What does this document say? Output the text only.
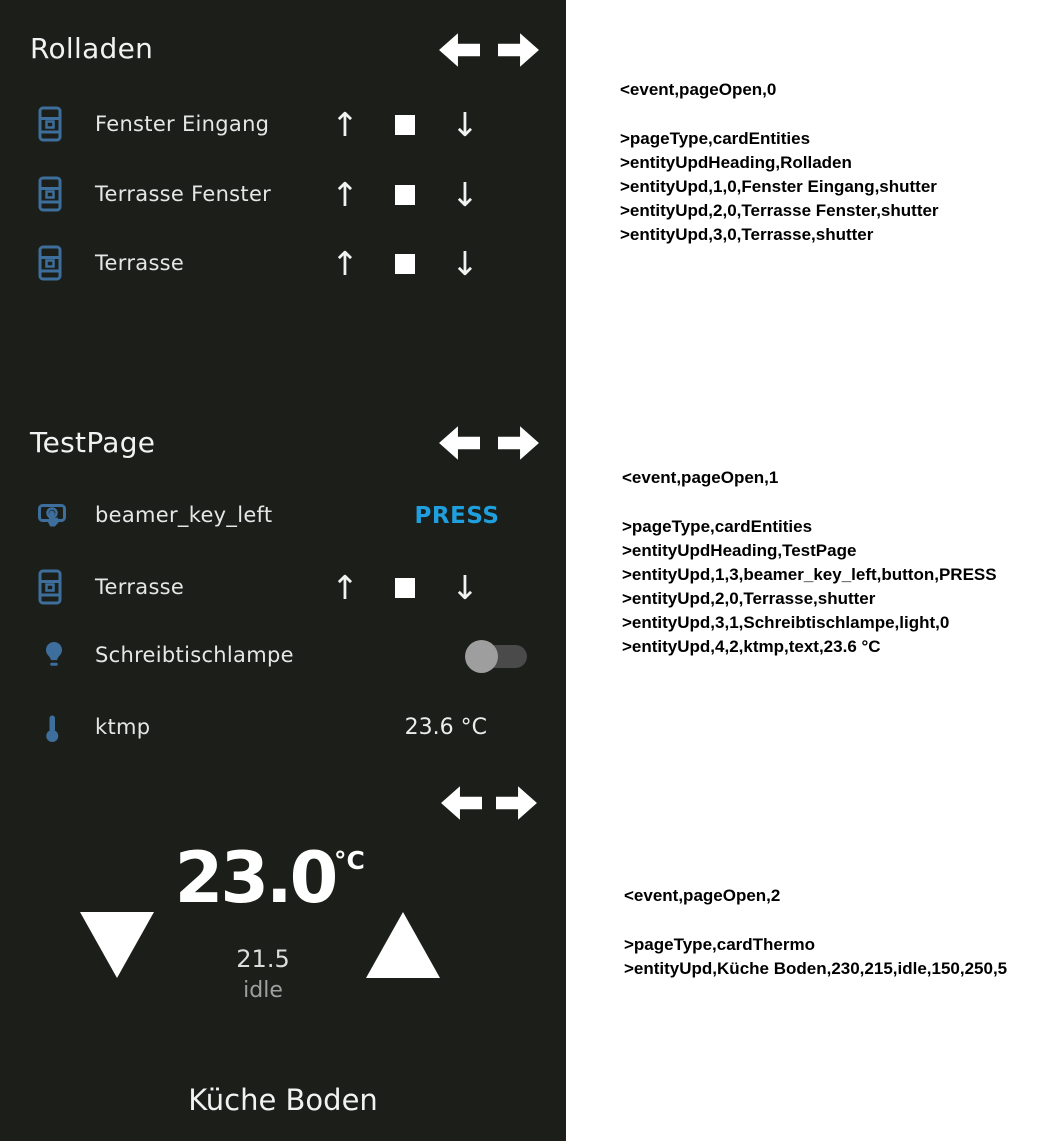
Rolladen
Fenster Eingang ↑	↓
Terrasse Fenster ↑	↓
Terrasse	↑	↓
TestPage
beamer_key_left	PRESS
Terrasse	↑	↓
Schreibtischlampe
ktmp	23.6 °C
23.0
°C
21.5
idle
Küche Boden
<event,pageOpen,0
>pageType,cardEntities
>entityUpdHeading,Rolladen
>entityUpd,1,0,Fenster Eingang,shutter
>entityUpd,2,0,Terrasse Fenster,shutter
>entityUpd,3,0,Terrasse,shutter
<event,pageOpen,1
>pageType,cardEntities
>entityUpdHeading,TestPage
>entityUpd,1,3,beamer_key_left,button,PRESS
>entityUpd,2,0,Terrasse,shutter
>entityUpd,3,1,Schreibtischlampe,light,0
>entityUpd,4,2,ktmp,text,23.6 °C
<event,pageOpen,2
>pageType,cardThermo
>entityUpd,Küche Boden,230,215,idle,150,250,5
